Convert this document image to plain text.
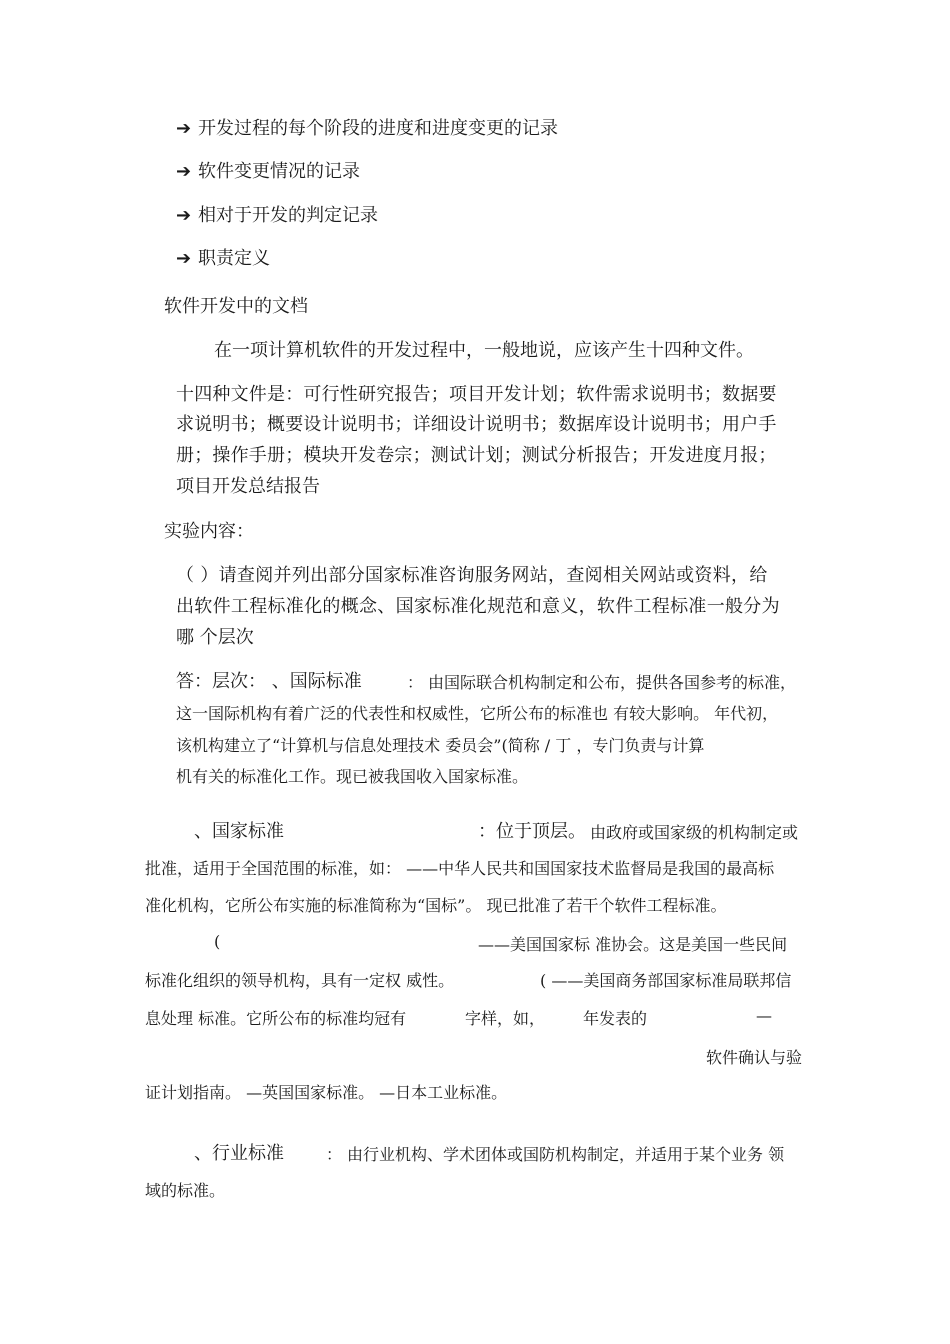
➔ 开发过程的每个阶段的进度和进度变更的记录
➔ 软件变更情况的记录
➔ 相对于开发的判定记录
➔ 职责定义
软件开发中的文档
在一项计算机软件的开发过程中，一般地说，应该产生十四种文件。
十四种文件是：可行性研究报告；项目开发计划；软件需求说明书；数据要
求说明书；概要设计说明书；详细设计说明书；数据库设计说明书；用户手
册；操作手册；模块开发卷宗；测试计划；测试分析报告；开发进度月报；
项目开发总结报告
实验内容：
（ ）请查阅并列出部分国家标准咨询服务网站，查阅相关网站或资料，给
出软件工程标准化的概念、国家标准化规范和意义，软件工程标准一般分为
哪 个层次
答：层次： 、国际标准	： 由国际联合机构制定和公布，提供各国参考的标准，
这一国际机构有着广泛的代表性和权威性，它所公布的标准也 有较大影响。 年代初，
该机构建立了“计算机与信息处理技术 委员会”(简称 / 丁 ，专门负责与计算
机有关的标准化工作。现已被我国收入国家标准。
、国家标准	：位于顶层。 由政府或国家级的机构制定或
批准，适用于全国范围的标准，如： ——中华人民共和国国家技术监督局是我国的最高标
准化机构，它所公布实施的标准简称为“国标”。 现已批准了若干个软件工程标准。
(	——美国国家标 准协会。这是美国一些民间
标准化组织的领导机构，具有一定权 威性。	( ——美国商务部国家标准局联邦信
息处理 标准。它所公布的标准均冠有	字样，如， 年发表的	—
软件确认与验
证计划指南。 —英国国家标准。 —日本工业标准。
、行业标准	： 由行业机构、学术团体或国防机构制定，并适用于某个业务 领
域的标准。
